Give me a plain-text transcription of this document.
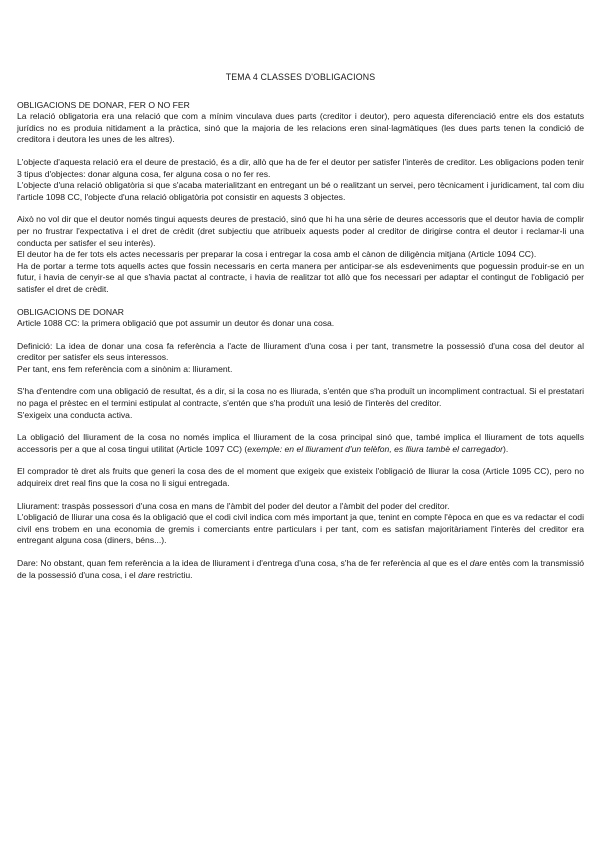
TEMA 4 CLASSES D'OBLIGACIONS

OBLIGACIONS DE DONAR, FER O NO FER

La relació obligatoria era una relació que com a mínim vinculava dues parts (creditor i deutor), pero aquesta diferenciació entre els dos estatuts jurídics no es produia nitidament a la pràctica, sinó que la majoria de les relacions eren sinal·lagmàtiques (les dues parts tenen la condició de creditora i deutora les unes de les altres).

L'objecte d'aquesta relació era el deure de prestació, és a dir, allò que ha de fer el deutor per satisfer l'interès de creditor. Les obligacions poden tenir 3 tipus d'objectes: donar alguna cosa, fer alguna cosa o no fer res.

L'objecte d'una relació obligatòria si que s'acaba materialitzant en entregant un bé o realitzant un servei, pero tècnicament i juridicament, tal com diu l'article 1098 CC, l'objecte d'una relació obligatòria pot consistir en aquests 3 objectes.

Això no vol dir que el deutor només tingui aquests deures de prestació, sinó que hi ha una sèrie de deures accessoris que el deutor havia de complir per no frustrar l'expectativa i el dret de crèdit (dret subjectiu que atribueix aquests poder al creditor de dirigirse contra el deutor i reclamar-li una conducta per satisfer el seu interès).

El deutor ha de fer tots els actes necessaris per preparar la cosa i entregar la cosa amb el cànon de diligència mitjana (Article 1094 CC).

Ha de portar a terme tots aquells actes que fossin necessaris en certa manera per anticipar-se als esdeveniments que poguessin produir-se en un futur, i havia de cenyir-se al que s'havia pactat al contracte, i havia de realitzar tot allò que fos necessari per adaptar el contingut de l'obligació per satisfer el dret de crèdit.

OBLIGACIONS DE DONAR

Article 1088 CC: la primera obligació que pot assumir un deutor és donar una cosa.

Definició: La idea de donar una cosa fa referència a l'acte de lliurament d'una cosa i per tant, transmetre la possessió d'una cosa del deutor al creditor per satisfer els seus interessos.

Per tant, ens fem referència com a sinònim a: lliurament.

S'ha d'entendre com una obligació de resultat, és a dir, si la cosa no es lliurada, s'entén que s'ha produït un incompliment contractual. Si el prestatari no paga el prèstec en el termini estipulat al contracte, s'entén que s'ha produït una lesió de l'interès del creditor.

S'exigeix una conducta activa.

La obligació del lliurament de la cosa no només implica el lliurament de la cosa principal sinó que, també implica el lliurament de tots aquells accessoris per a que al cosa tingui utilitat (Article 1097 CC) (exemple: en el lliurament d'un telèfon, es lliura tambè el carregador).

El comprador tè dret als fruits que generi la cosa des de el moment que exigeix que existeix l'obligació de lliurar la cosa (Article 1095 CC), pero no adquireix dret real fins que la cosa no li sigui entregada.

Lliurament: traspàs possessori d'una cosa en mans de l'àmbit del poder del deutor a l'àmbit del poder del creditor.

L'obligació de lliurar una cosa és la obligació que el codi civil indica com més important ja que, tenint en compte l'època en que es va redactar el codi civil ens trobem en una economia de gremis i comerciants entre particulars i per tant, com es satisfan majoritàriament l'interès del creditor era entregant alguna cosa (diners, béns...).

Dare: No obstant, quan fem referència a la idea de lliurament i d'entrega d'una cosa, s'ha de fer referència al que es el dare entès com la transmissió de la possessió d'una cosa, i el dare restrictiu.
